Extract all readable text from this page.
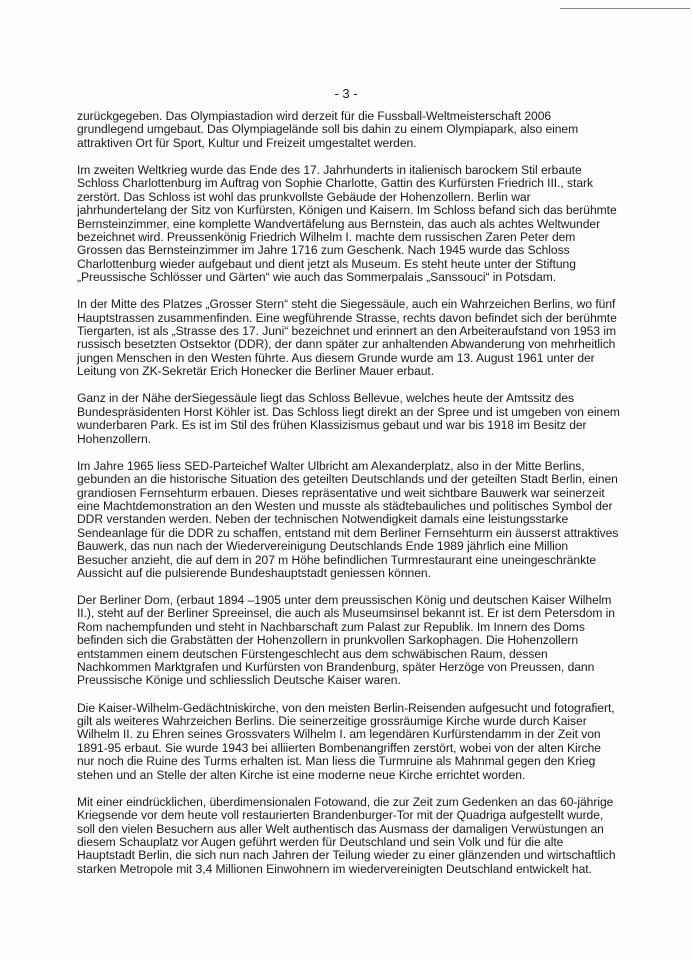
- 3 -

zurückgegeben. Das Olympiastadion wird derzeit für die Fussball-Weltmeisterschaft 2006
grundlegend umgebaut. Das Olympiagelände soll bis dahin zu einem Olympiapark, also einem
attraktiven Ort für Sport, Kultur und Freizeit umgestaltet werden.

Im zweiten Weltkrieg wurde das Ende des 17. Jahrhunderts in italienisch barockem Stil erbaute
Schloss Charlottenburg im Auftrag von Sophie Charlotte, Gattin des Kurfürsten Friedrich III., stark
zerstört. Das Schloss ist wohl das prunkvollste Gebäude der Hohenzollern. Berlin war
jahrhundertelang der Sitz von Kurfürsten, Königen und Kaisern. Im Schloss befand sich das berühmte
Bernsteinzimmer, eine komplette Wandvertäfelung aus Bernstein, das auch als achtes Weltwunder
bezeichnet wird. Preussenkönig Friedrich Wilhelm I. machte dem russischen Zaren Peter dem
Grossen das Bernsteinzimmer im Jahre 1716 zum Geschenk. Nach 1945 wurde das Schloss
Charlottenburg wieder aufgebaut und dient jetzt als Museum. Es steht heute unter der Stiftung
„Preussische Schlösser und Gärten“ wie auch das Sommerpalais „Sanssouci“ in Potsdam.

In der Mitte des Platzes „Grosser Stern“ steht die Siegessäule, auch ein Wahrzeichen Berlins, wo fünf
Hauptstrassen zusammenfinden. Eine wegführende Strasse, rechts davon befindet sich der berühmte
Tiergarten, ist als „Strasse des 17. Juni“ bezeichnet und erinnert an den Arbeiteraufstand von 1953 im
russisch besetzten Ostsektor (DDR), der dann später zur anhaltenden Abwanderung von mehrheitlich
jungen Menschen in den Westen führte. Aus diesem Grunde wurde am 13. August 1961 unter der
Leitung von ZK-Sekretär Erich Honecker die Berliner Mauer erbaut.

Ganz in der Nähe derSiegessäule liegt das Schloss Bellevue, welches heute der Amtssitz des
Bundespräsidenten Horst Köhler ist. Das Schloss liegt direkt an der Spree und ist umgeben von einem
wunderbaren Park. Es ist im Stil des frühen Klassizismus gebaut und war bis 1918 im Besitz der
Hohenzollern.

Im Jahre 1965 liess SED-Parteichef Walter Ulbricht am Alexanderplatz, also in der Mitte Berlins,
gebunden an die historische Situation des geteilten Deutschlands und der geteilten Stadt Berlin, einen
grandiosen Fernsehturm erbauen. Dieses repräsentative und weit sichtbare Bauwerk war seinerzeit
eine Machtdemonstration an den Westen und musste als städtebauliches und politisches Symbol der
DDR verstanden werden. Neben der technischen Notwendigkeit damals eine leistungsstarke
Sendeanlage für die DDR zu schaffen, entstand mit dem Berliner Fernsehturm ein äusserst attraktives
Bauwerk, das nun nach der Wiedervereinigung Deutschlands Ende 1989 jährlich eine Million
Besucher anzieht, die auf dem in 207 m Höhe befindlichen Turmrestaurant eine uneingeschränkte
Aussicht auf die pulsierende Bundeshauptstadt geniessen können.

Der Berliner Dom, (erbaut 1894 –1905 unter dem preussischen König und deutschen Kaiser Wilhelm
II.), steht auf der Berliner Spreeinsel, die auch als Museumsinsel bekannt ist. Er ist dem Petersdom in
Rom nachempfunden und steht in Nachbarschaft zum Palast zur Republik. Im Innern des Doms
befinden sich die Grabstätten der Hohenzollern in prunkvollen Sarkophagen. Die Hohenzollern
entstammen einem deutschen Fürstengeschlecht aus dem schwäbischen Raum, dessen
Nachkommen Marktgrafen und Kurfürsten von Brandenburg, später Herzöge von Preussen, dann
Preussische Könige und schliesslich Deutsche Kaiser waren.

Die Kaiser-Wilhelm-Gedächtniskirche, von den meisten Berlin-Reisenden aufgesucht und fotografiert,
gilt als weiteres Wahrzeichen Berlins. Die seinerzeitige grossräumige Kirche wurde durch Kaiser
Wilhelm II. zu Ehren seines Grossvaters Wilhelm I. am legendären Kurfürstendamm in der Zeit von
1891-95 erbaut. Sie wurde 1943 bei alliierten Bombenangriffen zerstört, wobei von der alten Kirche
nur noch die Ruine des Turms erhalten ist. Man liess die Turmruine als Mahnmal gegen den Krieg
stehen und an Stelle der alten Kirche ist eine moderne neue Kirche errichtet worden.

Mit einer eindrücklichen, überdimensionalen Fotowand, die zur Zeit zum Gedenken an das 60-jährige
Kriegsende vor dem heute voll restaurierten Brandenburger-Tor mit der Quadriga aufgestellt wurde,
soll den vielen Besuchern aus aller Welt authentisch das Ausmass der damaligen Verwüstungen an
diesem Schauplatz vor Augen geführt werden für Deutschland und sein Volk und für die alte
Hauptstadt Berlin, die sich nun nach Jahren der Teilung wieder zu einer glänzenden und wirtschaftlich
starken Metropole mit 3,4 Millionen Einwohnern im wiedervereinigten Deutschland entwickelt hat.
